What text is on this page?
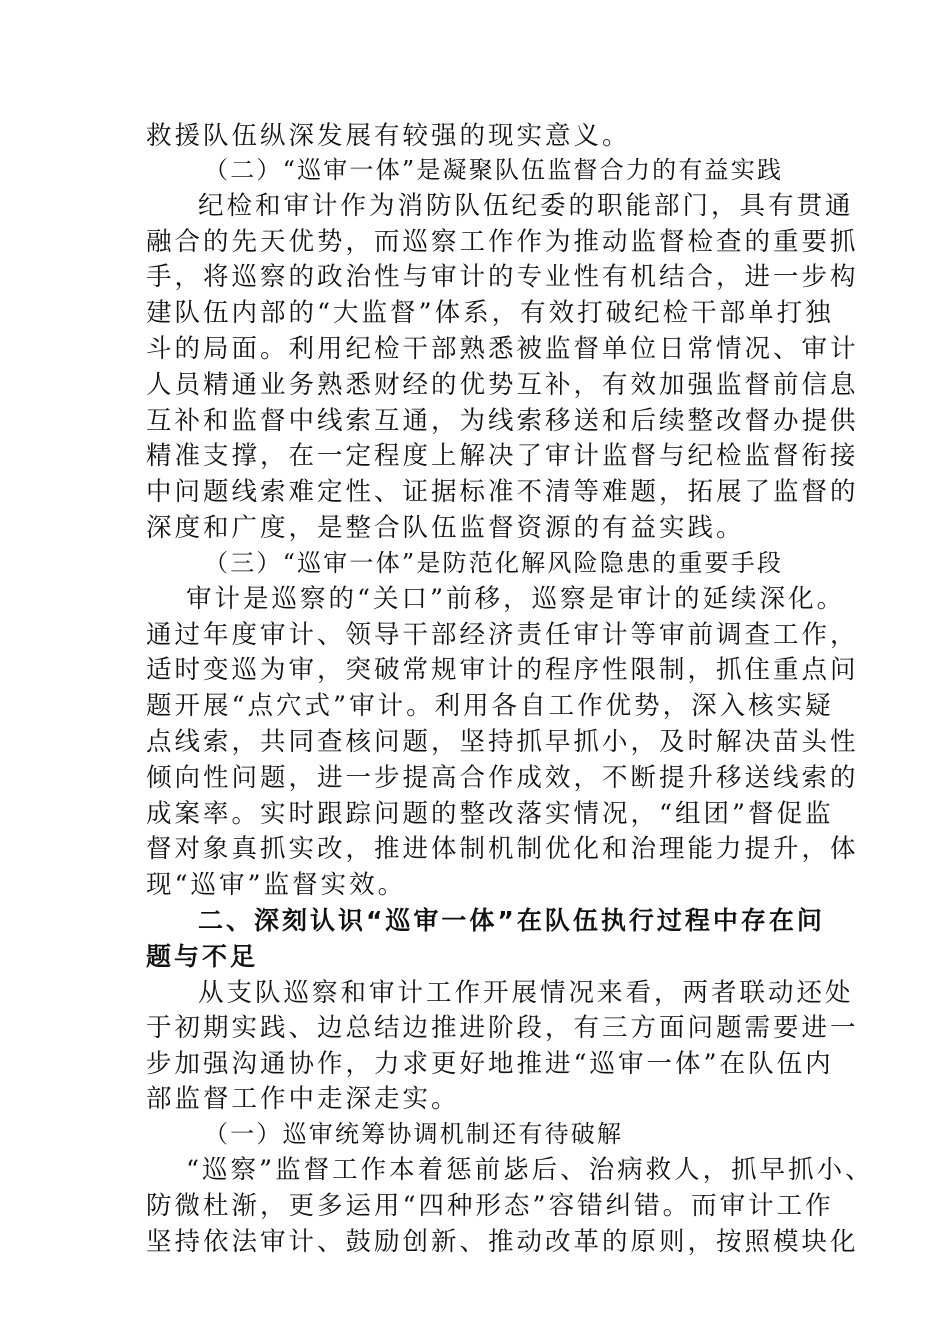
救援队伍纵深发展有较强的现实意义。
（二）“巡审一体”是凝聚队伍监督合力的有益实践
纪检和审计作为消防队伍纪委的职能部门，具有贯通
融合的先天优势，而巡察工作作为推动监督检查的重要抓
手，将巡察的政治性与审计的专业性有机结合，进一步构
建队伍内部的“大监督”体系，有效打破纪检干部单打独
斗的局面。利用纪检干部熟悉被监督单位日常情况、审计
人员精通业务熟悉财经的优势互补，有效加强监督前信息
互补和监督中线索互通，为线索移送和后续整改督办提供
精准支撑，在一定程度上解决了审计监督与纪检监督衔接
中问题线索难定性、证据标准不清等难题，拓展了监督的
深度和广度，是整合队伍监督资源的有益实践。
（三）“巡审一体”是防范化解风险隐患的重要手段
审计是巡察的“关口”前移，巡察是审计的延续深化。
通过年度审计、领导干部经济责任审计等审前调查工作，
适时变巡为审，突破常规审计的程序性限制，抓住重点问
题开展“点穴式”审计。利用各自工作优势，深入核实疑
点线索，共同查核问题，坚持抓早抓小，及时解决苗头性
倾向性问题，进一步提高合作成效，不断提升移送线索的
成案率。实时跟踪问题的整改落实情况，“组团”督促监
督对象真抓实改，推进体制机制优化和治理能力提升，体
现“巡审”监督实效。
二、深刻认识“巡审一体”在队伍执行过程中存在问
题与不足
从支队巡察和审计工作开展情况来看，两者联动还处
于初期实践、边总结边推进阶段，有三方面问题需要进一
步加强沟通协作，力求更好地推进“巡审一体”在队伍内
部监督工作中走深走实。
（一）巡审统筹协调机制还有待破解
“巡察”监督工作本着惩前毖后、治病救人，抓早抓小、
防微杜渐，更多运用“四种形态”容错纠错。而审计工作
坚持依法审计、鼓励创新、推动改革的原则，按照模块化
